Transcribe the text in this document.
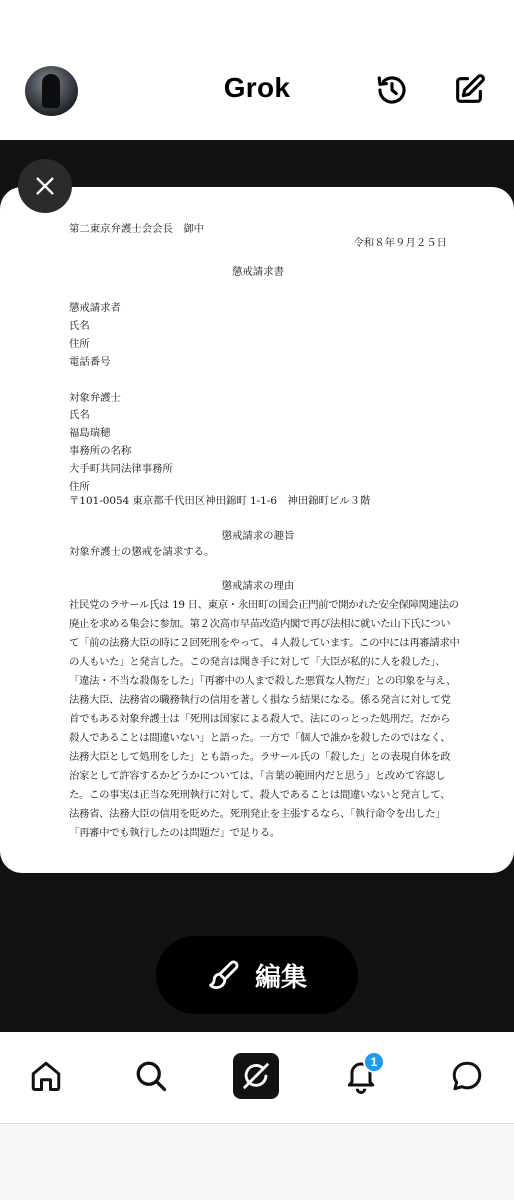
Grok
第二東京弁護士会会長　御中
令和８年９月２５日
懲戒請求書
懲戒請求者
氏名
住所
電話番号
対象弁護士
氏名
福島瑞穂
事務所の名称
大手町共同法律事務所
住所
〒101-0054 東京都千代田区神田錦町 1-1-6　神田錦町ビル３階
懲戒請求の趣旨
対象弁護士の懲戒を請求する。
懲戒請求の理由
社民党のラサール氏は 19 日、東京・永田町の国会正門前で開かれた安全保障関連法の
廃止を求める集会に参加。第２次高市早苗改造内閣で再び法相に就いた山下氏につい
て「前の法務大臣の時に２回死刑をやって、４人殺しています。この中には再審請求中
の人もいた」と発言した。この発言は聞き手に対して「大臣が私的に人を殺した」、
「違法・不当な殺傷をした」「再審中の人まで殺した悪質な人物だ」との印象を与え、
法務大臣、法務省の職務執行の信用を著しく損なう結果になる。係る発言に対して党
首でもある対象弁護士は「死刑は国家による殺人で、法にのっとった処刑だ。だから
殺人であることは間違いない」と語った。一方で「個人で誰かを殺したのではなく、
法務大臣として処刑をした」とも語った。ラサール氏の「殺した」との表現自体を政
治家として許容するかどうかについては、「言葉の範囲内だと思う」と改めて容認し
た。この事実は正当な死刑執行に対して、殺人であることは間違いないと発言して、
法務省、法務大臣の信用を貶めた。死刑発止を主張するなら、「執行命令を出した」
「再審中でも執行したのは問題だ」で足りる。
編集
1
